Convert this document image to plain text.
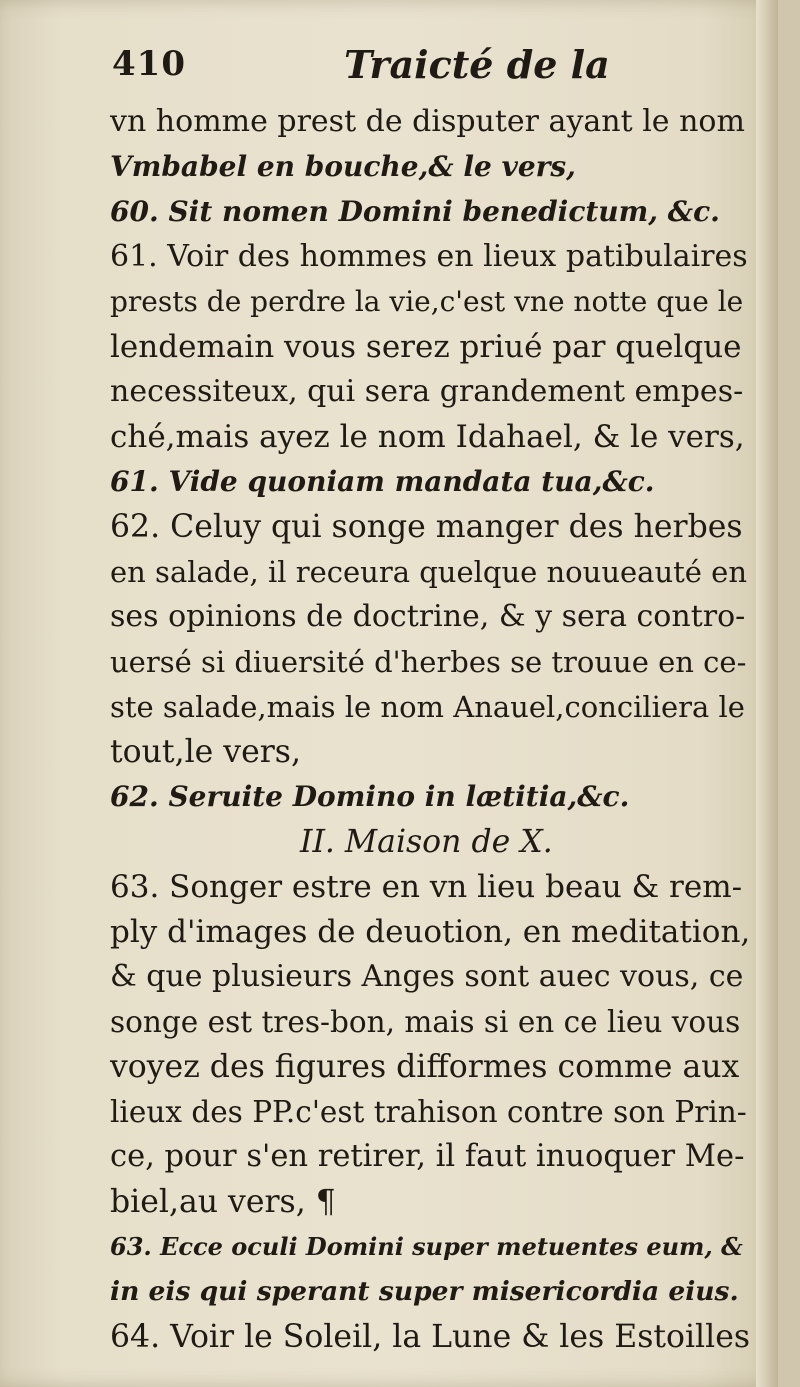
410	Traicté de la
vn homme prest de disputer ayant le nom
Vmbabel en bouche,& le vers,
60. Sit nomen Domini benedictum, &c.
61. Voir des hommes en lieux patibulaires
prests de perdre la vie,c'est vne notte que le
lendemain vous serez priué par quelque
necessiteux, qui sera grandement empes-
ché,mais ayez le nom Idahael, & le vers,
61. Vide quoniam mandata tua,&c.
62. Celuy qui songe manger des herbes
en salade, il receura quelque nouueauté en
ses opinions de doctrine, & y sera contro-
uersé si diuersité d'herbes se trouue en ce-
ste salade,mais le nom Anauel,conciliera le
tout,le vers,
62. Seruite Domino in lætitia,&c.
II. Maison de X.
63. Songer estre en vn lieu beau & rem-
ply d'images de deuotion, en meditation,
& que plusieurs Anges sont auec vous, ce
songe est tres-bon, mais si en ce lieu vous
voyez des figures difformes comme aux
lieux des PP.c'est trahison contre son Prin-
ce, pour s'en retirer, il faut inuoquer Me-
biel,au vers, ¶
63. Ecce oculi Domini super metuentes eum, &
in eis qui sperant super misericordia eius.
64. Voir le Soleil, la Lune & les Estoilles
